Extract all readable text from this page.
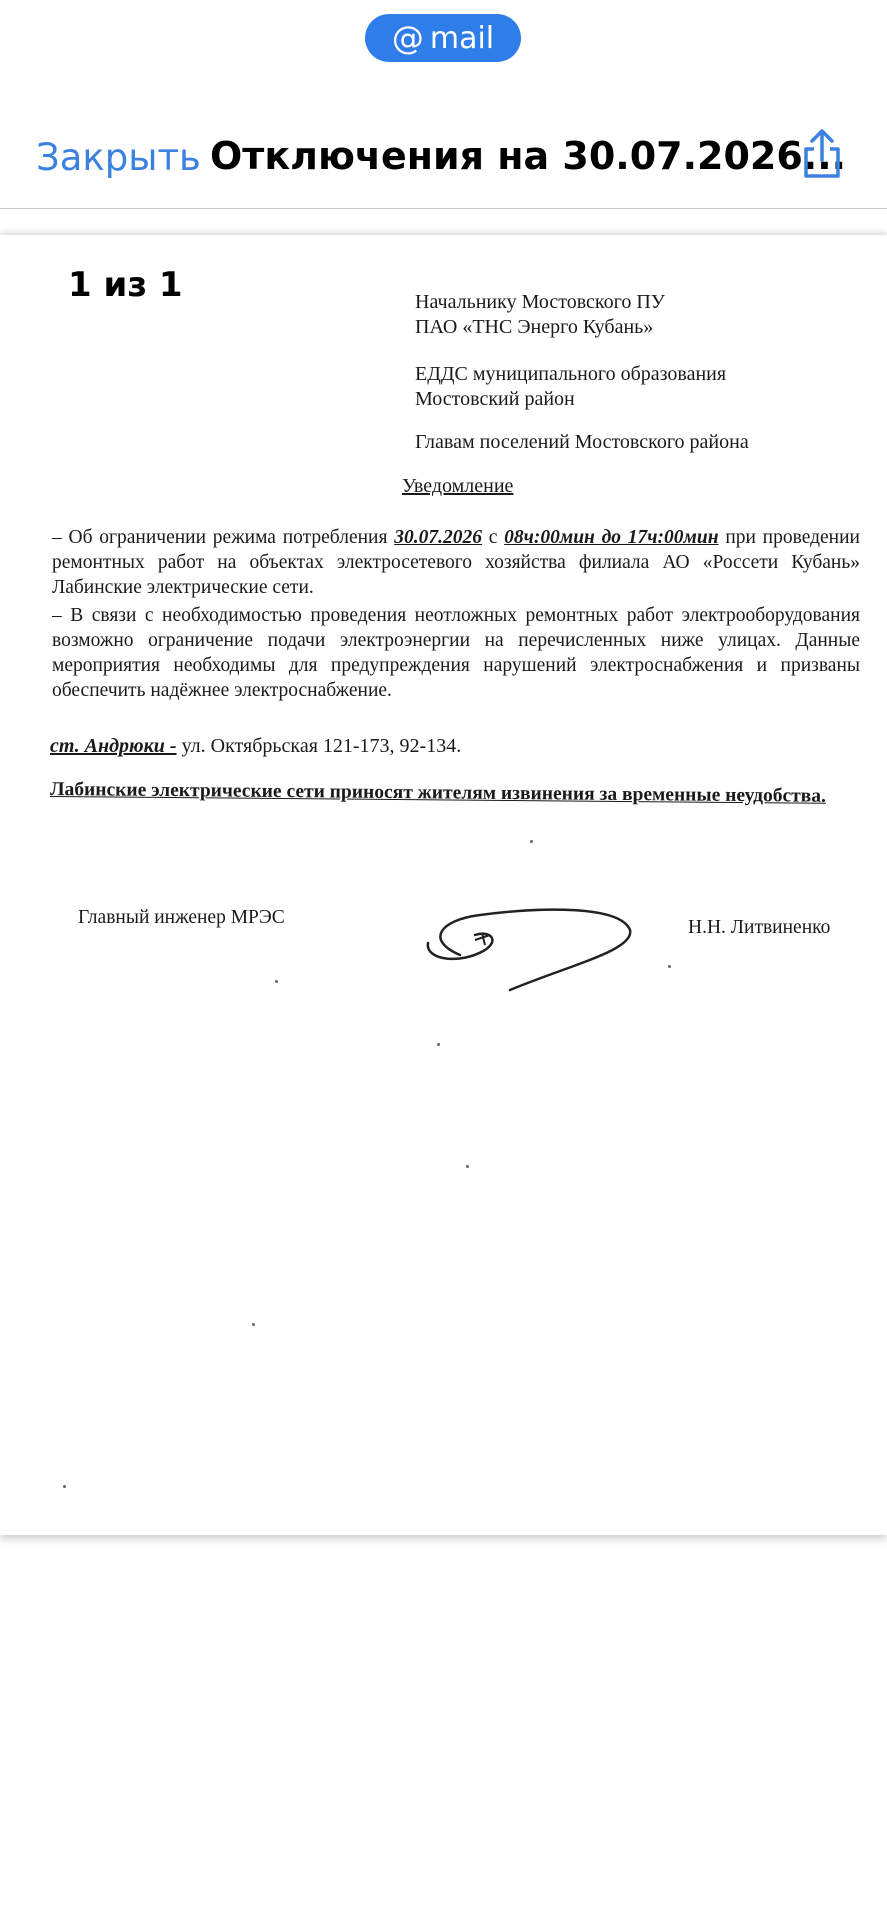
@ mail
Закрыть Отключения на 30.07.2026...
1 из 1	Начальнику Мостовского ПУ
ПАО «ТНС Энерго Кубань»
ЕДДС муниципального образования
Мостовский район
Главам поселений Мостовского района
Уведомление
– Об ограничении режима потребления 30.07.2026 с 08ч:00мин до 17ч:00мин при проведении ремонтных работ на объектах электросетевого хозяйства филиала АО «Россети Кубань» Лабинские электрические сети.
– В связи с необходимостью проведения неотложных ремонтных работ электрооборудования возможно ограничение подачи электроэнергии на перечисленных ниже улицах. Данные мероприятия необходимы для предупреждения нарушений электроснабжения и призваны обеспечить надёжнее электроснабжение.
ст. Андрюки - ул. Октябрьская 121-173, 92-134.
Лабинские электрические сети приносят жителям извинения за временные неудобства.
Главный инженер МРЭС	Н.Н. Литвиненко
